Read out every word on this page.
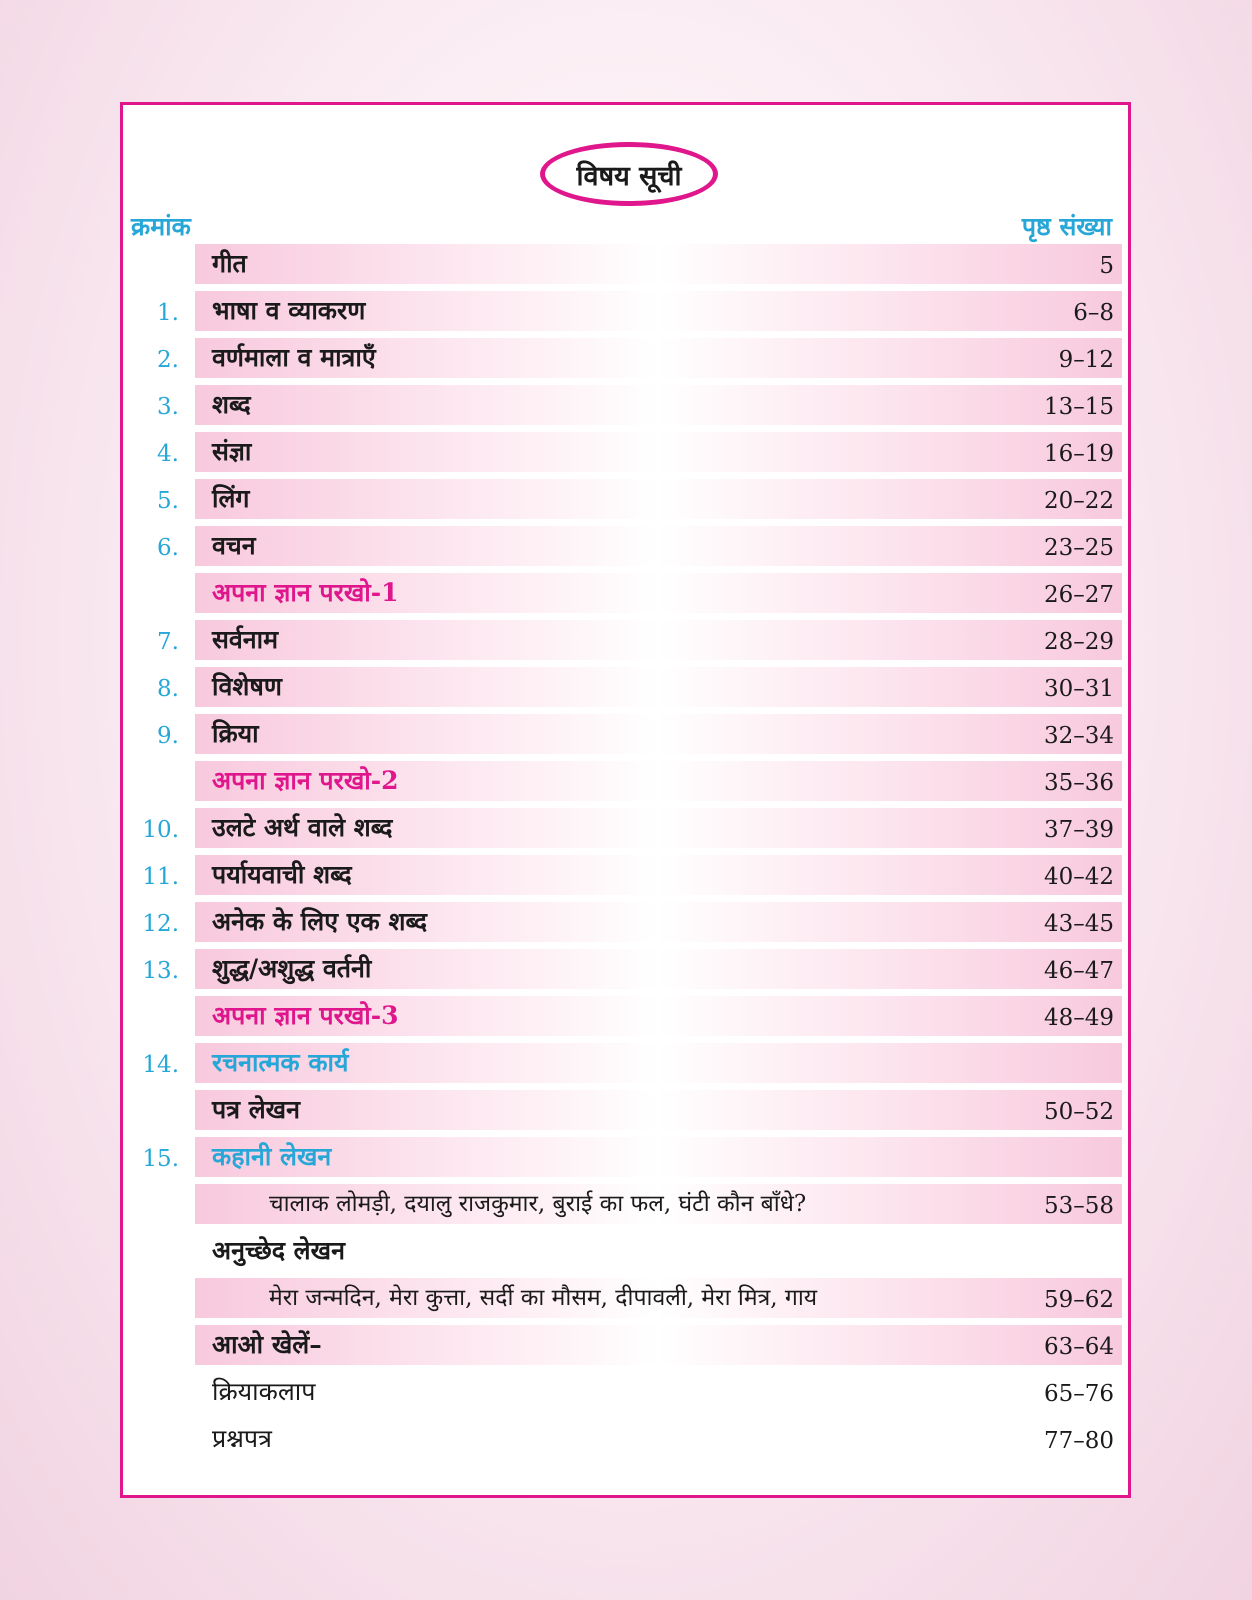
विषय सूची
क्रमांक	पृष्ठ संख्या
गीत	5
1. भाषा व व्याकरण	6–8
2. वर्णमाला व मात्राएँ	9–12
3. शब्द	13–15
4. संज्ञा	16–19
5. लिंग	20–22
6. वचन	23–25
अपना ज्ञान परखो-1	26–27
7. सर्वनाम	28–29
8. विशेषण	30–31
9. क्रिया	32–34
अपना ज्ञान परखो-2	35–36
10. उलटे अर्थ वाले शब्द	37–39
11. पर्यायवाची शब्द	40–42
12. अनेक के लिए एक शब्द	43–45
13. शुद्ध/अशुद्ध वर्तनी	46–47
अपना ज्ञान परखो-3	48–49
14. रचनात्मक कार्य
पत्र लेखन	50–52
15. कहानी लेखन
चालाक लोमड़ी, दयालु राजकुमार, बुराई का फल, घंटी कौन बाँधे?	53–58
अनुच्छेद लेखन
मेरा जन्मदिन, मेरा कुत्ता, सर्दी का मौसम, दीपावली, मेरा मित्र, गाय	59–62
आओ खेलें–	63–64
क्रियाकलाप	65–76
प्रश्नपत्र	77–80
